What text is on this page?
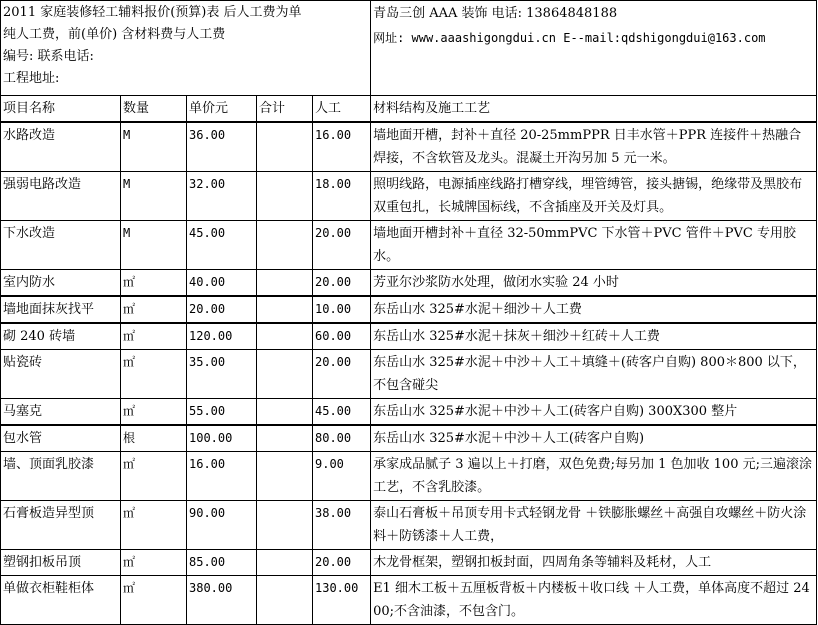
2011 家庭装修轻工辅料报价(预算)表 后人工费为单
纯人工费，前(单价) 含材料费与人工费
编号: 联系电话:
工程地址:					青岛三创 AAA 装饰 电话: 13864848188
网址: www.aaashigongdui.cn E--mail:qdshigongdui@163.com

项目名称	数量	单价元	合计	人工	材料结构及施工工艺
水路改造	M	36.00		16.00	墙地面开槽，封补＋直径 20-25mmPPR 日丰水管＋PPR 连接件＋热融合焊接，不含软管及龙头。混凝土开沟另加 5 元一米。
强弱电路改造	M	32.00		18.00	照明线路，电源插座线路打槽穿线，埋管缚管，接头搪锡，绝缘带及黑胶布双重包扎，长城牌国标线，不含插座及开关及灯具。
下水改造	M	45.00		20.00	墙地面开槽封补＋直径 32-50mmPVC 下水管＋PVC 管件＋PVC 专用胶水。
室内防水	㎡	40.00		20.00	芳亚尔沙浆防水处理，做闭水实验 24 小时
墙地面抹灰找平	㎡	20.00		10.00	东岳山水 325#水泥＋细沙＋人工费
砌 240 砖墙	㎡	120.00		60.00	东岳山水 325#水泥＋抹灰＋细沙＋红砖＋人工费
贴瓷砖	㎡	35.00		20.00	东岳山水 325#水泥＋中沙＋人工＋填缝＋(砖客户自购) 800＊800 以下，不包含碰尖
马塞克	㎡	55.00		45.00	东岳山水 325#水泥＋中沙＋人工(砖客户自购) 300X300 整片
包水管	根	100.00		80.00	东岳山水 325#水泥＋中沙＋人工(砖客户自购)
墙、顶面乳胶漆	㎡	16.00		9.00	承家成品腻子 3 遍以上＋打磨，双色免费;每另加 1 色加收 100 元;三遍滚涂工艺，不含乳胶漆。
石膏板造异型顶	㎡	90.00		38.00	泰山石膏板＋吊顶专用卡式轻钢龙骨 ＋铁膨胀螺丝＋高强自攻螺丝＋防火涂料＋防锈漆＋人工费，
塑钢扣板吊顶	㎡	85.00		20.00	木龙骨框架，塑钢扣板封面，四周角条等辅料及耗材，人工
单做衣柜鞋柜体	㎡	380.00		130.00	E1 细木工板＋五厘板背板＋内楼板＋收口线 ＋人工费，单体高度不超过 2400;不含油漆，不包含门。
